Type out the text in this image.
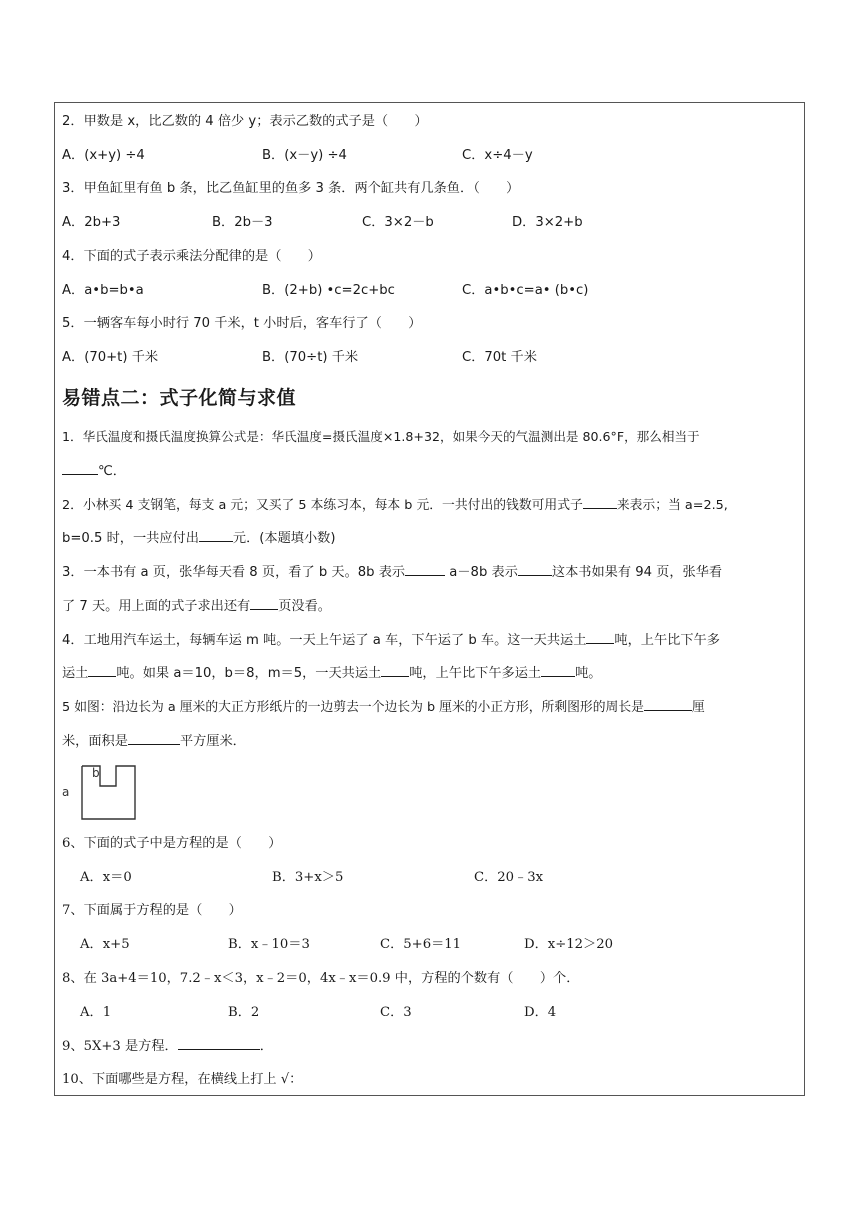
2．甲数是 x，比乙数的 4 倍少 y；表示乙数的式子是（　　）
A．(x+y) ÷4	B．(x－y) ÷4	C．x÷4－y
3．甲鱼缸里有鱼 b 条，比乙鱼缸里的鱼多 3 条．两个缸共有几条鱼．（　　）
A．2b+3	B．2b－3	C．3×2－b	D．3×2+b
4．下面的式子表示乘法分配律的是（　　）
A．a•b=b•a	B．(2+b) •c=2c+bc	C．a•b•c=a• (b•c)
5．一辆客车每小时行 70 千米，t 小时后，客车行了（　　）
A．(70+t) 千米	B．(70÷t) 千米	C．70t 千米
易错点二：式子化简与求值
1．华氏温度和摄氏温度换算公式是：华氏温度=摄氏温度×1.8+32，如果今天的气温测出是 80.6°F，那么相当于
℃．
2．小林买 4 支钢笔，每支 a 元；又买了 5 本练习本，每本 b 元．一共付出的钱数可用式子	来表示；当 a=2.5,
b=0.5 时，一共应付出	元．(本题填小数)
3．一本书有 a 页，张华每天看 8 页，看了 b 天。8b 表示	a－8b 表示	这本书如果有 94 页，张华看
了 7 天。用上面的式子求出还有 页没看。
4．工地用汽车运土，每辆车运 m 吨。一天上午运了 a 车，下午运了 b 车。这一天共运土 吨，上午比下午多
运土 吨。如果 a＝10，b＝8，m＝5，一天共运土 吨，上午比下午多运土	吨。
5 如图：沿边长为 a 厘米的大正方形纸片的一边剪去一个边长为 b 厘米的小正方形，所剩图形的周长是	厘
米，面积是	平方厘米．
a
b
6、下面的式子中是方程的是（　　）
A．x＝0	B．3+x＞5	C．20﹣3x
7、下面属于方程的是（　　）
A．x+5	B．x﹣10＝3	C．5+6＝11	D．x÷12＞20
8、在 3a+4＝10，7.2﹣x＜3，x﹣2＝0，4x﹣x＝0.9 中，方程的个数有（　　）个．
A．1	B．2	C．3	D．4
9、5X+3 是方程．	．
10、下面哪些是方程，在横线上打上 √：
